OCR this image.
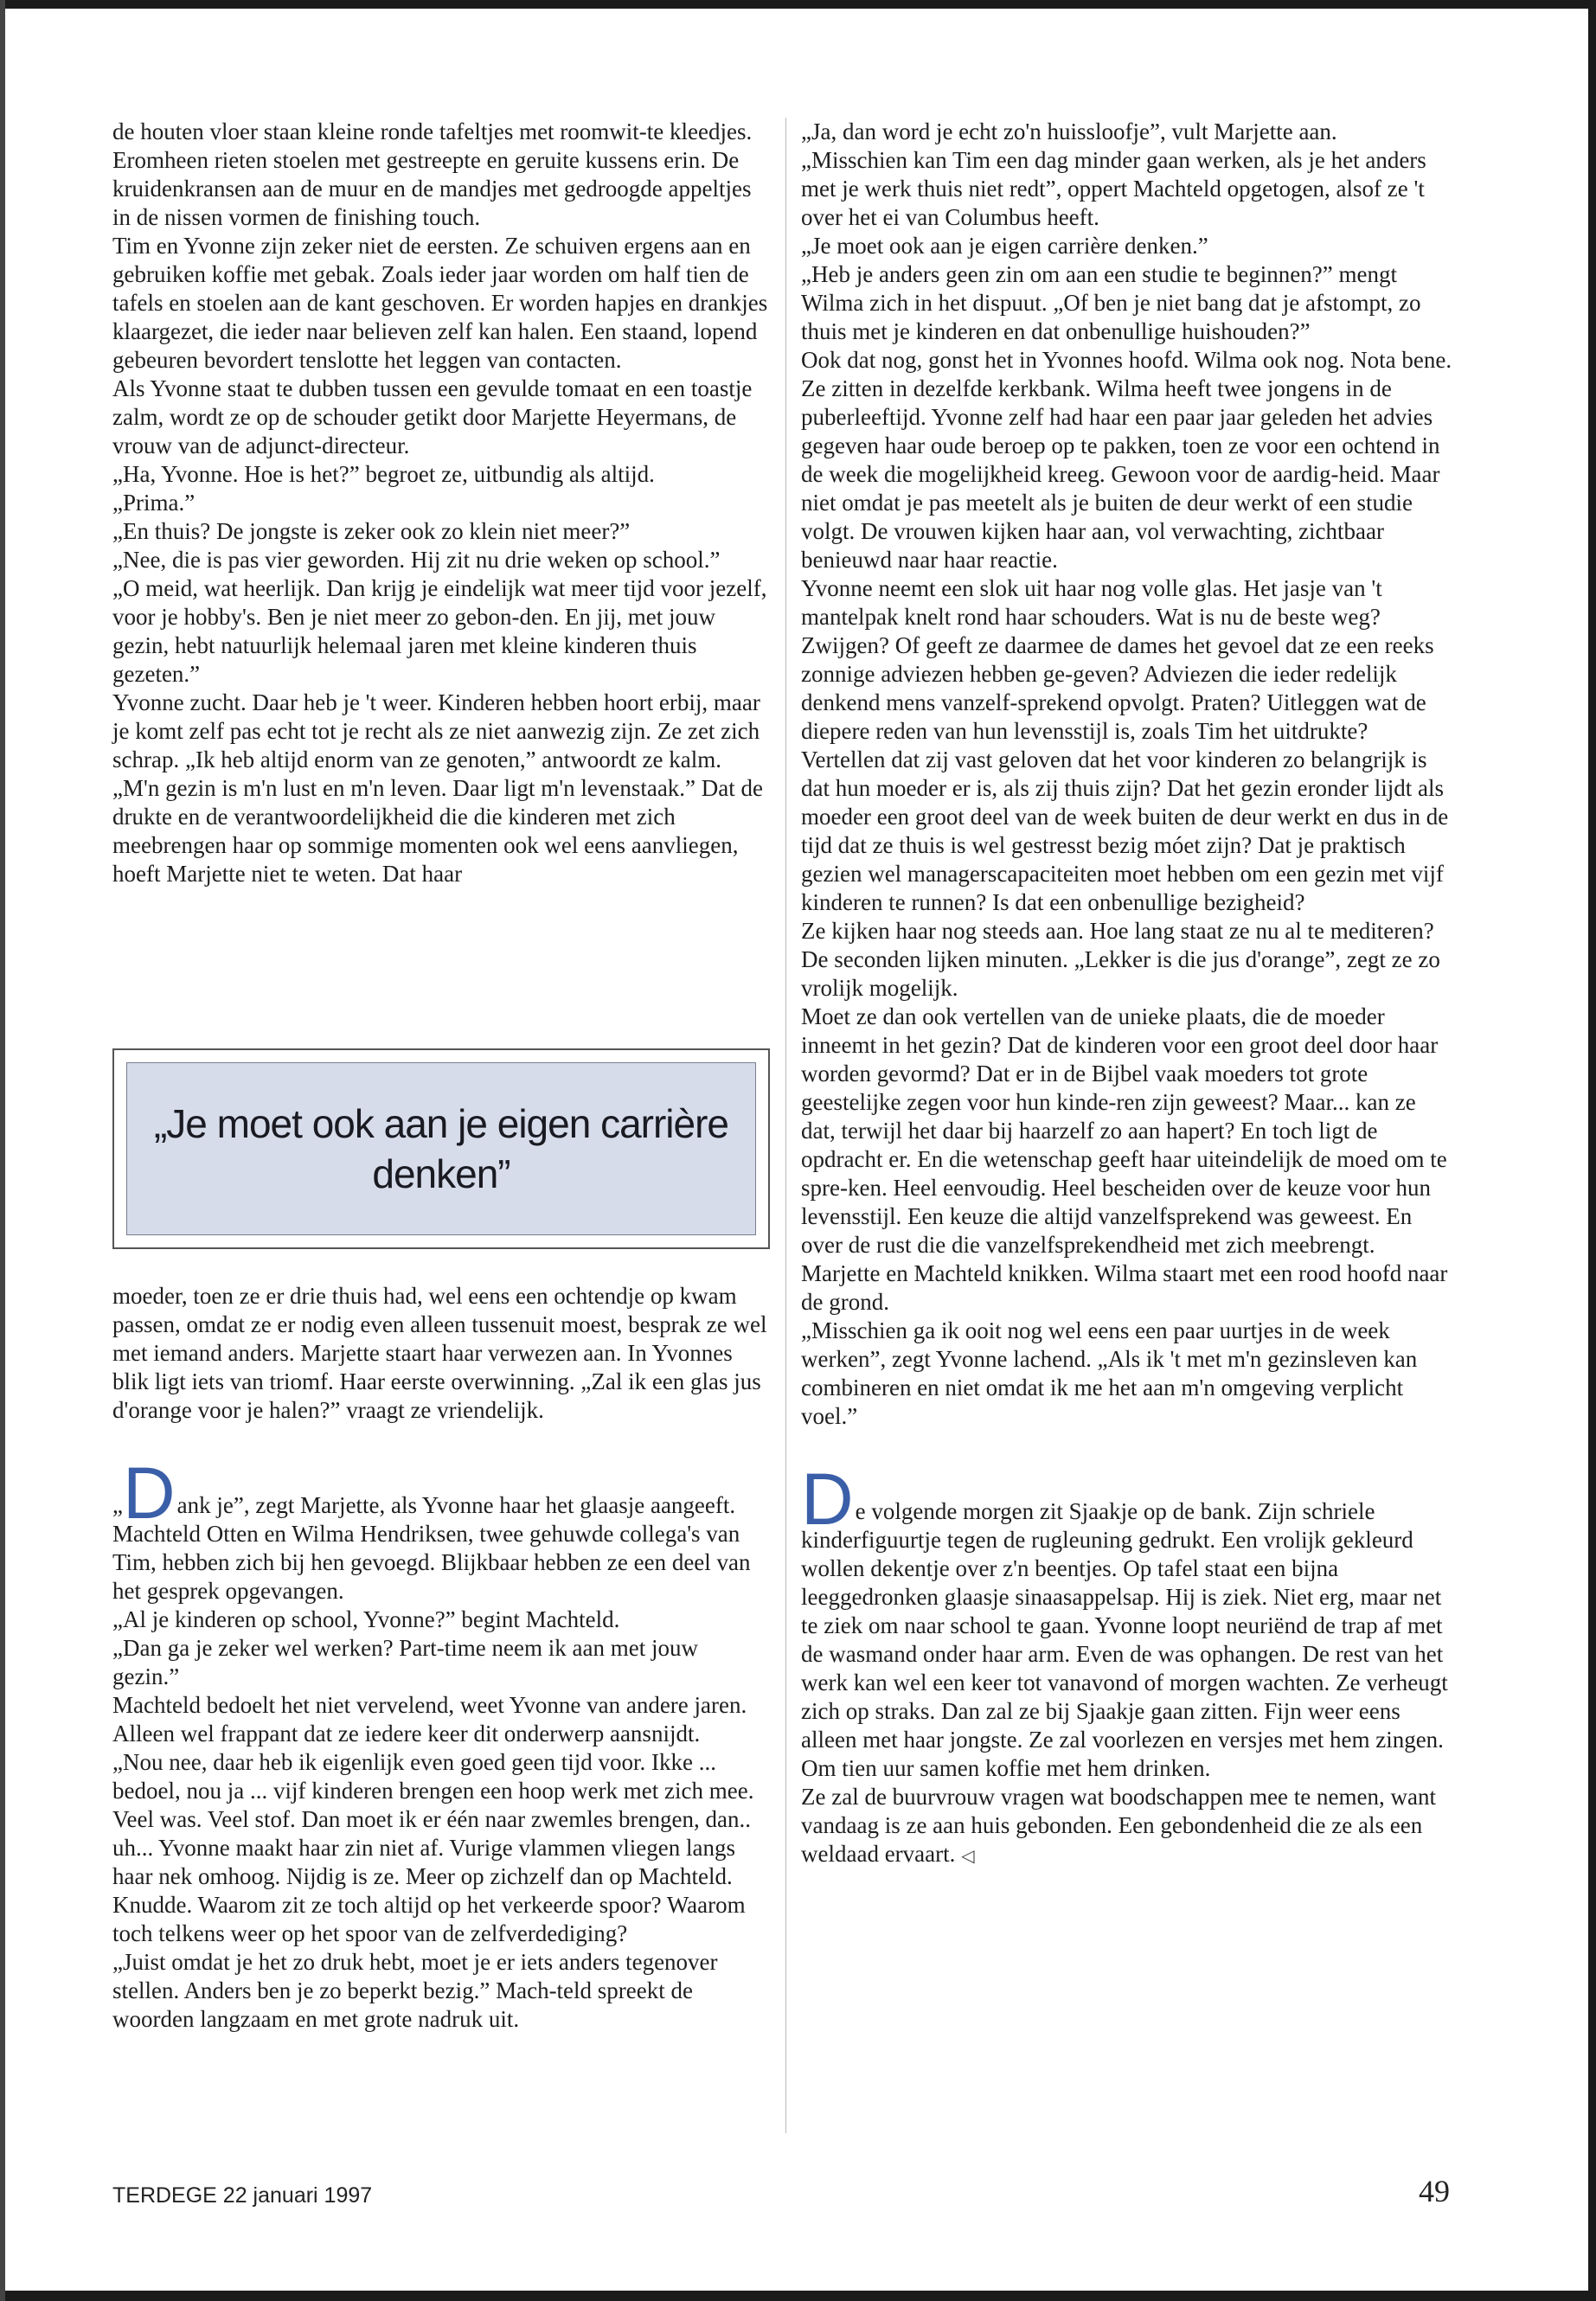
de houten vloer staan kleine ronde tafeltjes met roomwit-te kleedjes. Eromheen rieten stoelen met gestreepte en geruite kussens erin. De kruidenkransen aan de muur en de mandjes met gedroogde appeltjes in de nissen vormen de finishing touch.

Tim en Yvonne zijn zeker niet de eersten. Ze schuiven ergens aan en gebruiken koffie met gebak. Zoals ieder jaar worden om half tien de tafels en stoelen aan de kant geschoven. Er worden hapjes en drankjes klaargezet, die ieder naar believen zelf kan halen. Een staand, lopend gebeuren bevordert tenslotte het leggen van contacten.

Als Yvonne staat te dubben tussen een gevulde tomaat en een toastje zalm, wordt ze op de schouder getikt door Marjette Heyermans, de vrouw van de adjunct-directeur.

„Ha, Yvonne. Hoe is het?” begroet ze, uitbundig als altijd.

„Prima.”

„En thuis? De jongste is zeker ook zo klein niet meer?”

„Nee, die is pas vier geworden. Hij zit nu drie weken op school.”

„O meid, wat heerlijk. Dan krijg je eindelijk wat meer tijd voor jezelf, voor je hobby's. Ben je niet meer zo gebon-den. En jij, met jouw gezin, hebt natuurlijk helemaal jaren met kleine kinderen thuis gezeten.”

Yvonne zucht. Daar heb je 't weer. Kinderen hebben hoort erbij, maar je komt zelf pas echt tot je recht als ze niet aanwezig zijn. Ze zet zich schrap. „Ik heb altijd enorm van ze genoten,” antwoordt ze kalm. „M'n gezin is m'n lust en m'n leven. Daar ligt m'n levenstaak.” Dat de drukte en de verantwoordelijkheid die die kinderen met zich meebrengen haar op sommige momenten ook wel eens aanvliegen, hoeft Marjette niet te weten. Dat haar

„Je moet ook aan je eigen carrière denken”

moeder, toen ze er drie thuis had, wel eens een ochtendje op kwam passen, omdat ze er nodig even alleen tussenuit moest, besprak ze wel met iemand anders. Marjette staart haar verwezen aan. In Yvonnes blik ligt iets van triomf. Haar eerste overwinning. „Zal ik een glas jus d'orange voor je halen?” vraagt ze vriendelijk.

„Dank je”, zegt Marjette, als Yvonne haar het glaasje aangeeft. Machteld Otten en Wilma Hendriksen, twee gehuwde collega's van Tim, hebben zich bij hen gevoegd. Blijkbaar hebben ze een deel van het gesprek opgevangen.

„Al je kinderen op school, Yvonne?” begint Machteld.

„Dan ga je zeker wel werken? Part-time neem ik aan met jouw gezin.”

Machteld bedoelt het niet vervelend, weet Yvonne van andere jaren. Alleen wel frappant dat ze iedere keer dit onderwerp aansnijdt.

„Nou nee, daar heb ik eigenlijk even goed geen tijd voor. Ikke ... bedoel, nou ja ... vijf kinderen brengen een hoop werk met zich mee. Veel was. Veel stof. Dan moet ik er één naar zwemles brengen, dan.. uh... Yvonne maakt haar zin niet af. Vurige vlammen vliegen langs haar nek omhoog. Nijdig is ze. Meer op zichzelf dan op Machteld. Knudde. Waarom zit ze toch altijd op het verkeerde spoor? Waarom toch telkens weer op het spoor van de zelfverdediging?

„Juist omdat je het zo druk hebt, moet je er iets anders tegenover stellen. Anders ben je zo beperkt bezig.” Mach-teld spreekt de woorden langzaam en met grote nadruk uit.

„Ja, dan word je echt zo'n huissloofje”, vult Marjette aan.

„Misschien kan Tim een dag minder gaan werken, als je het anders met je werk thuis niet redt”, oppert Machteld opgetogen, alsof ze 't over het ei van Columbus heeft.

„Je moet ook aan je eigen carrière denken.”

„Heb je anders geen zin om aan een studie te beginnen?” mengt Wilma zich in het dispuut. „Of ben je niet bang dat je afstompt, zo thuis met je kinderen en dat onbenullige huishouden?”

Ook dat nog, gonst het in Yvonnes hoofd. Wilma ook nog. Nota bene. Ze zitten in dezelfde kerkbank. Wilma heeft twee jongens in de puberleeftijd. Yvonne zelf had haar een paar jaar geleden het advies gegeven haar oude beroep op te pakken, toen ze voor een ochtend in de week die mogelijkheid kreeg. Gewoon voor de aardig-heid. Maar niet omdat je pas meetelt als je buiten de deur werkt of een studie volgt. De vrouwen kijken haar aan, vol verwachting, zichtbaar benieuwd naar haar reactie.

Yvonne neemt een slok uit haar nog volle glas. Het jasje van 't mantelpak knelt rond haar schouders. Wat is nu de beste weg? Zwijgen? Of geeft ze daarmee de dames het gevoel dat ze een reeks zonnige adviezen hebben ge-geven? Adviezen die ieder redelijk denkend mens vanzelf-sprekend opvolgt. Praten? Uitleggen wat de diepere reden van hun levensstijl is, zoals Tim het uitdrukte? Vertellen dat zij vast geloven dat het voor kinderen zo belangrijk is dat hun moeder er is, als zij thuis zijn? Dat het gezin eronder lijdt als moeder een groot deel van de week buiten de deur werkt en dus in de tijd dat ze thuis is wel gestresst bezig móet zijn? Dat je praktisch gezien wel managerscapaciteiten moet hebben om een gezin met vijf kinderen te runnen? Is dat een onbenullige bezigheid?

Ze kijken haar nog steeds aan. Hoe lang staat ze nu al te mediteren? De seconden lijken minuten. „Lekker is die jus d'orange”, zegt ze zo vrolijk mogelijk.

Moet ze dan ook vertellen van de unieke plaats, die de moeder inneemt in het gezin? Dat de kinderen voor een groot deel door haar worden gevormd? Dat er in de Bijbel vaak moeders tot grote geestelijke zegen voor hun kinde-ren zijn geweest? Maar... kan ze dat, terwijl het daar bij haarzelf zo aan hapert? En toch ligt de opdracht er. En die wetenschap geeft haar uiteindelijk de moed om te spre-ken. Heel eenvoudig. Heel bescheiden over de keuze voor hun levensstijl. Een keuze die altijd vanzelfsprekend was geweest. En over de rust die die vanzelfsprekendheid met zich meebrengt.

Marjette en Machteld knikken. Wilma staart met een rood hoofd naar de grond.

„Misschien ga ik ooit nog wel eens een paar uurtjes in de week werken”, zegt Yvonne lachend. „Als ik 't met m'n gezinsleven kan combineren en niet omdat ik me het aan m'n omgeving verplicht voel.”

De volgende morgen zit Sjaakje op de bank. Zijn schriele kinderfiguurtje tegen de rugleuning gedrukt. Een vrolijk gekleurd wollen dekentje over z'n beentjes. Op tafel staat een bijna leeggedronken glaasje sinaasappelsap. Hij is ziek. Niet erg, maar net te ziek om naar school te gaan. Yvonne loopt neuriënd de trap af met de wasmand onder haar arm. Even de was ophangen. De rest van het werk kan wel een keer tot vanavond of morgen wachten. Ze verheugt zich op straks. Dan zal ze bij Sjaakje gaan zitten. Fijn weer eens alleen met haar jongste. Ze zal voorlezen en versjes met hem zingen. Om tien uur samen koffie met hem drinken.

Ze zal de buurvrouw vragen wat boodschappen mee te nemen, want vandaag is ze aan huis gebonden. Een gebondenheid die ze als een weldaad ervaart. ◁

TERDEGE 22 januari 1997	49
